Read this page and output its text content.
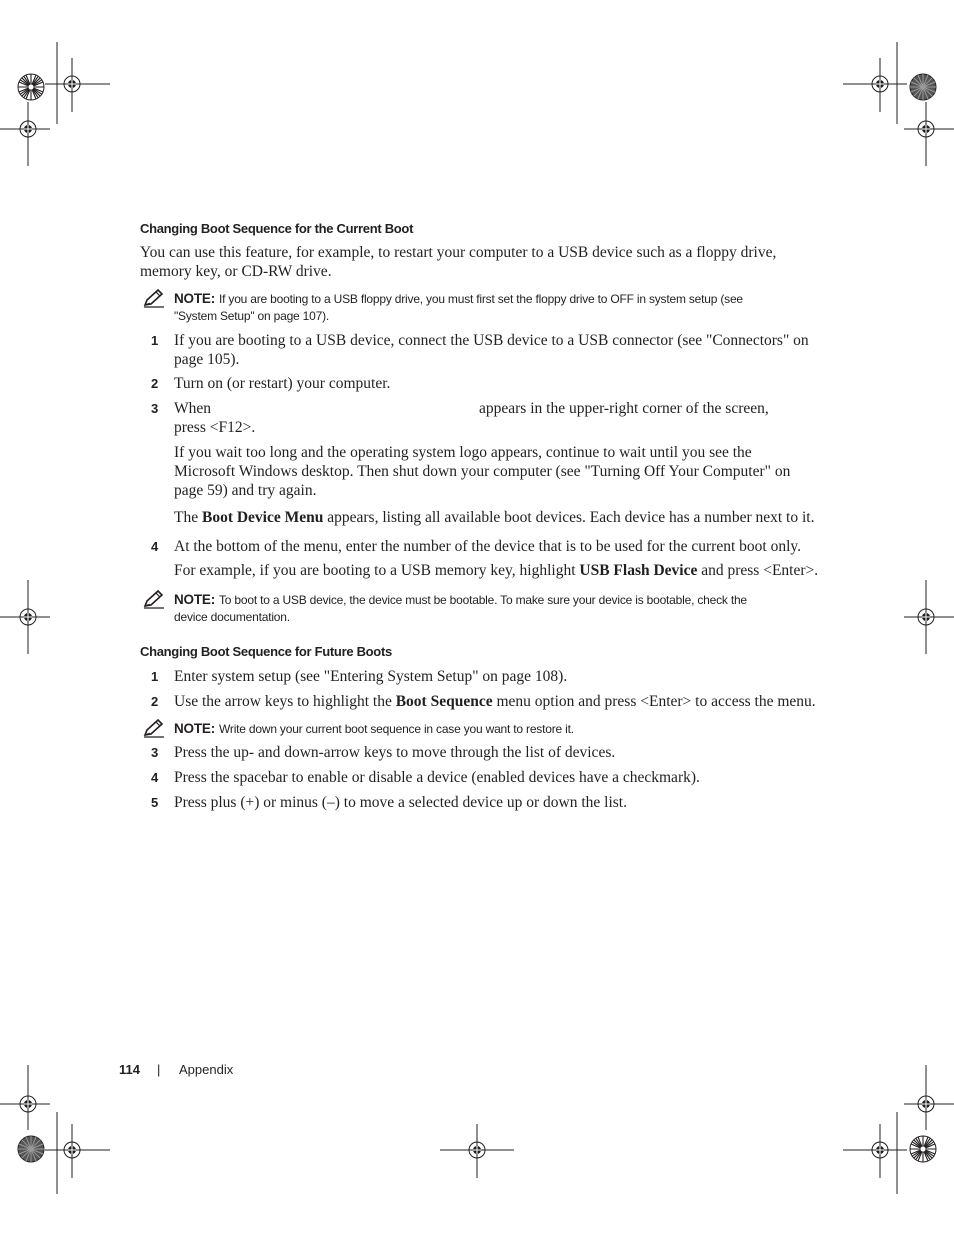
Changing Boot Sequence for the Current Boot
You can use this feature, for example, to restart your computer to a USB device such as a floppy drive,
memory key, or CD-RW drive.
NOTE: If you are booting to a USB floppy drive, you must first set the floppy drive to OFF in system setup (see
"System Setup" on page 107).
1 If you are booting to a USB device, connect the USB device to a USB connector (see "Connectors" on
page 105).
2 Turn on (or restart) your computer.
3 When	appears in the upper-right corner of the screen,
press <F12>.
If you wait too long and the operating system logo appears, continue to wait until you see the
Microsoft Windows desktop. Then shut down your computer (see "Turning Off Your Computer" on
page 59) and try again.
The Boot Device Menu appears, listing all available boot devices. Each device has a number next to it.
4 At the bottom of the menu, enter the number of the device that is to be used for the current boot only.
For example, if you are booting to a USB memory key, highlight USB Flash Device and press <Enter>.
NOTE: To boot to a USB device, the device must be bootable. To make sure your device is bootable, check the
device documentation.
Changing Boot Sequence for Future Boots
1 Enter system setup (see "Entering System Setup" on page 108).
2 Use the arrow keys to highlight the Boot Sequence menu option and press <Enter> to access the menu.
NOTE: Write down your current boot sequence in case you want to restore it.
3 Press the up- and down-arrow keys to move through the list of devices.
4 Press the spacebar to enable or disable a device (enabled devices have a checkmark).
5 Press plus (+) or minus (–) to move a selected device up or down the list.
114 | Appendix
